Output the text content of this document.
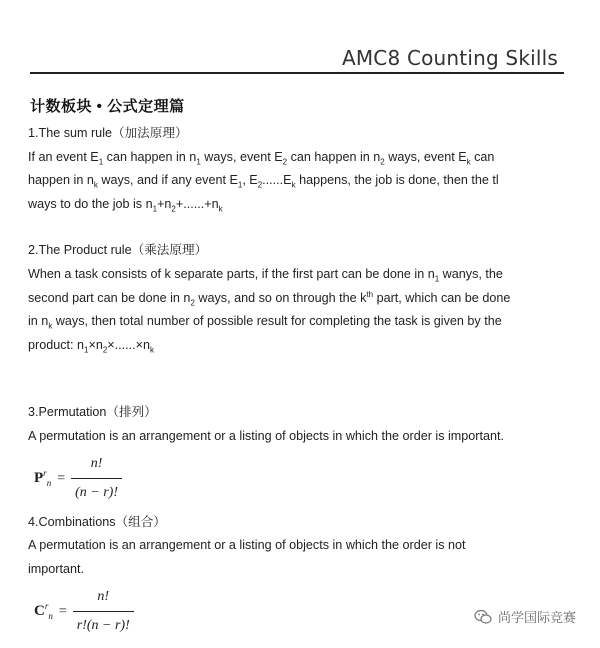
AMC8 Counting Skills
计数板块 • 公式定理篇

1.The sum rule（加法原理）

If an event $E_1$ can happen in $n_1$ ways, event $E_2$ can happen in $n_2$ ways, event $E_k$ can

happen in $n_k$ ways, and if any event $E_1$, $E_2......E_k$ happens, the job is done, then the tl

ways to do the job is $n_1+n_2+......+n_k$

2.The Product rule（乘法原理）

When a task consists of k separate parts, if the first part can be done in $n_1$ wanys, the

second part can be done in $n_2$ ways, and so on through the $k^{th}$ part, which can be done

in $n_k$ ways, then total number of possible result for completing the task is given by the

product: $n_1\times n_2\times......\times n_k$

3.Permutation（排列）

A permutation is an arrangement or a listing of objects in which the order is important.

$P^r_n = \frac{n!}{(n - r)!}$

4.Combinations（组合）

A permutation is an arrangement or a listing of objects in which the order is not

important.

$C^r_n = \frac{n!}{r!(n - r)!}$	尚学国际竞赛
